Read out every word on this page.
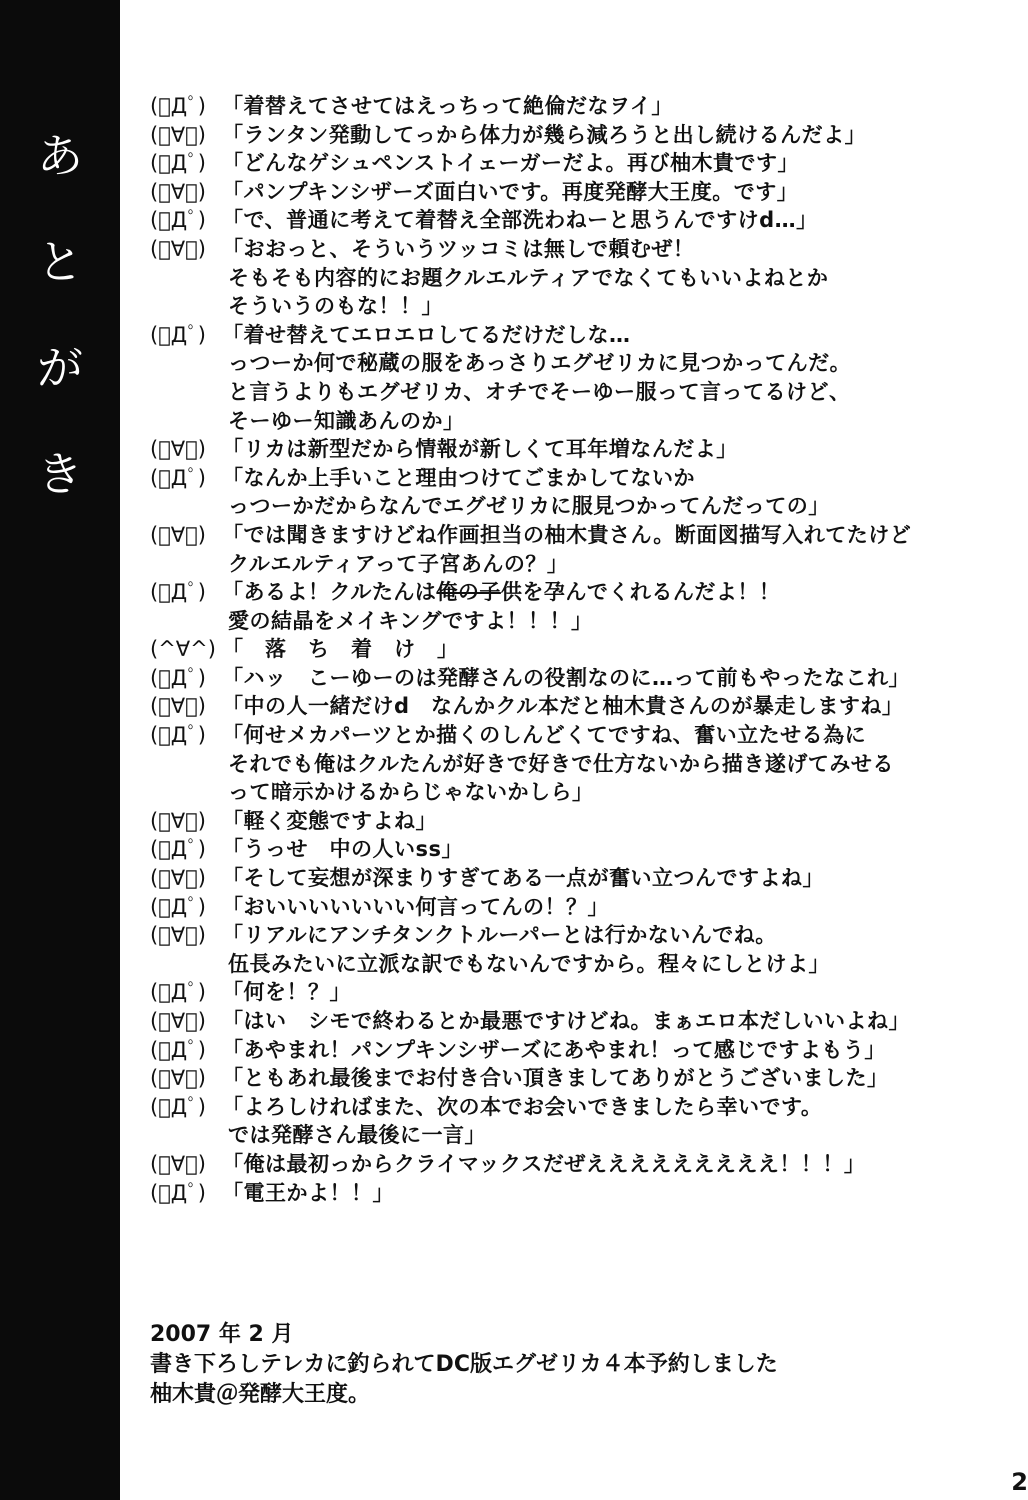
あ
と
が
き
(ﾟДﾟ) 「着替えてさせてはえっちって絶倫だなヲイ」
(ﾟ∀ﾟ) 「ランタン発動してっから体力が幾ら減ろうと出し続けるんだよ」
(ﾟДﾟ) 「どんなゲシュペンストイェーガーだよ。再び柚木貴です」
(ﾟ∀ﾟ) 「パンプキンシザーズ面白いです。再度発酵大王度。です」
(ﾟДﾟ) 「で、普通に考えて着替え全部洗わねーと思うんですけd…」
(ﾟ∀ﾟ) 「おおっと、そういうツッコミは無しで頼むぜ！
そもそも内容的にお題クルエルティアでなくてもいいよねとか
そういうのもな！！」
(ﾟДﾟ) 「着せ替えてエロエロしてるだけだしな…
っつーか何で秘蔵の服をあっさりエグゼリカに見つかってんだ。
と言うよりもエグゼリカ、オチでそーゆー服って言ってるけど、
そーゆー知識あんのか」
(ﾟ∀ﾟ) 「リカは新型だから情報が新しくて耳年増なんだよ」
(ﾟДﾟ) 「なんか上手いこと理由つけてごまかしてないか
っつーかだからなんでエグゼリカに服見つかってんだっての」
(ﾟ∀ﾟ) 「では聞きますけどね作画担当の柚木貴さん。断面図描写入れてたけど
クルエルティアって子宮あんの？」
(ﾟДﾟ) 「あるよ！クルたんは俺の子供を孕んでくれるんだよ！！
愛の結晶をメイキングですよ！！！」
(^∀^) 「　落　ち　着　け　」
(ﾟДﾟ) 「ハッ　こーゆーのは発酵さんの役割なのに…って前もやったなこれ」
(ﾟ∀ﾟ) 「中の人一緒だけd　なんかクル本だと柚木貴さんのが暴走しますね」
(ﾟДﾟ) 「何せメカパーツとか描くのしんどくてですね、奮い立たせる為に
それでも俺はクルたんが好きで好きで仕方ないから描き遂げてみせる
って暗示かけるからじゃないかしら」
(ﾟ∀ﾟ) 「軽く変態ですよね」
(ﾟДﾟ) 「うっせ　中の人いss」
(ﾟ∀ﾟ) 「そして妄想が深まりすぎてある一点が奮い立つんですよね」
(ﾟДﾟ) 「おいいいいいいい何言ってんの！？」
(ﾟ∀ﾟ) 「リアルにアンチタンクトルーパーとは行かないんでね。
伍長みたいに立派な訳でもないんですから。程々にしとけよ」
(ﾟДﾟ) 「何を！？」
(ﾟ∀ﾟ) 「はい　シモで終わるとか最悪ですけどね。まぁエロ本だしいいよね」
(ﾟДﾟ) 「あやまれ！パンプキンシザーズにあやまれ！って感じですよもう」
(ﾟ∀ﾟ) 「ともあれ最後までお付き合い頂きましてありがとうございました」
(ﾟДﾟ) 「よろしければまた、次の本でお会いできましたら幸いです。
では発酵さん最後に一言」
(ﾟ∀ﾟ) 「俺は最初っからクライマックスだぜえええええええええ！！！」
(ﾟДﾟ) 「電王かよ！！」
2007 年 2 月
書き下ろしテレカに釣られてDC版エグゼリカ４本予約しました
柚木貴＠発酵大王度。
2
